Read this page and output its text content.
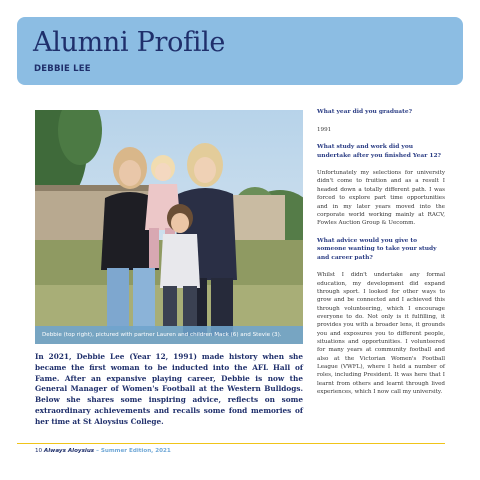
Alumni Profile
DEBBIE LEE
Debbie (top right), pictured with partner Lauren and children Mack (6) and Stevie (3).
In 2021, Debbie Lee (Year 12, 1991) made history when she became the first woman to be inducted into the AFL Hall of Fame. After an expansive playing career, Debbie is now the General Manager of Women's Football at the Western Bulldogs. Below she shares some inspiring advice, reflects on some extraordinary achievements and recalls some fond memories of her time at St Aloysius College.
What year did you graduate?
1991
What study and work did you undertake after you finished Year 12?
Unfortunately my selections for university didn't come to fruition and as a result I headed down a totally different path. I was forced to explore part time opportunities and in my later years moved into the corporate world working mainly at RACV, Fowles Auction Group & Uecomm.
What advice would you give to someone wanting to take your study and career path?
Whilst I didn't undertake any formal education, my development did expand through sport. I looked for other ways to grow and be connected and I achieved this through volunteering, which I encourage everyone to do. Not only is it fulfilling, it provides you with a broader lens, it grounds you and exposures you to different people, situations and opportunities. I volunteered for many years at community football and also at the Victorian Women's Football League (VWFL), where I held a number of roles, including President. It was here that I learnt from others and learnt through lived experiences, which I now call my university.
10 Always Aloysius – Summer Edition, 2021
